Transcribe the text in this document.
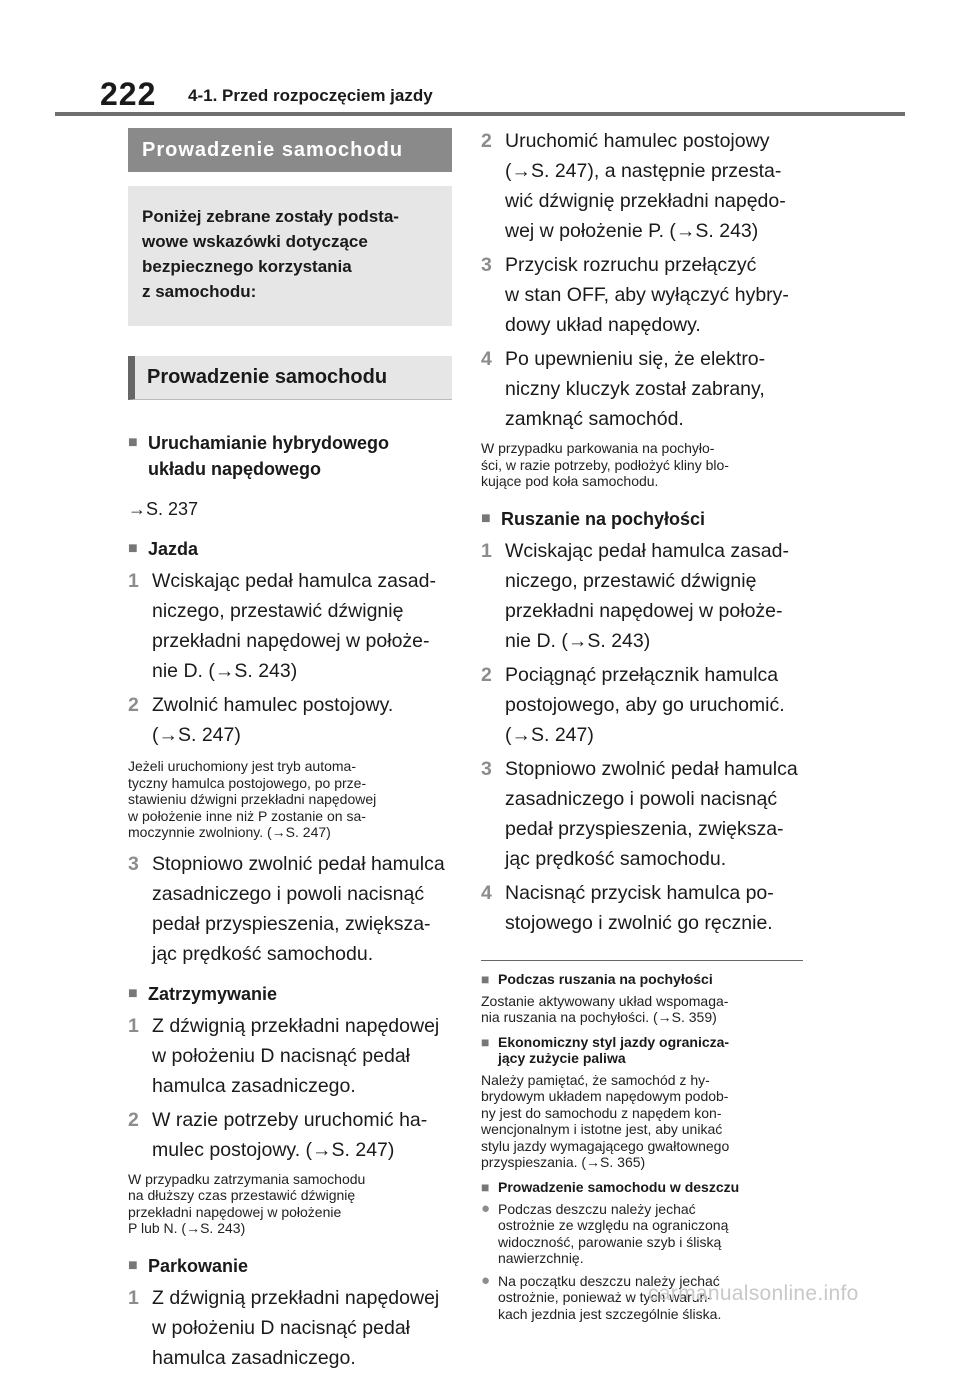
222 4-1. Przed rozpoczęciem jazdy
Prowadzenie samochodu
Poniżej zebrane zostały podsta-
wowe wskazówki dotyczące
bezpiecznego korzystania
z samochodu:
Prowadzenie samochodu
■ Uruchamianie hybrydowego
układu napędowego
→S. 237
■ Jazda
1 Wciskając pedał hamulca zasad-
niczego, przestawić dźwignię
przekładni napędowej w położe-
nie D. (→S. 243)
2 Zwolnić hamulec postojowy.
(→S. 247)
Jeżeli uruchomiony jest tryb automa-
tyczny hamulca postojowego, po prze-
stawieniu dźwigni przekładni napędowej
w położenie inne niż P zostanie on sa-
moczynnie zwolniony. (→S. 247)
3 Stopniowo zwolnić pedał hamulca
zasadniczego i powoli nacisnąć
pedał przyspieszenia, zwiększa-
jąc prędkość samochodu.
■ Zatrzymywanie
1 Z dźwignią przekładni napędowej
w położeniu D nacisnąć pedał
hamulca zasadniczego.
2 W razie potrzeby uruchomić ha-
mulec postojowy. (→S. 247)
W przypadku zatrzymania samochodu
na dłuższy czas przestawić dźwignię
przekładni napędowej w położenie
P lub N. (→S. 243)
■ Parkowanie
1 Z dźwignią przekładni napędowej
w położeniu D nacisnąć pedał
hamulca zasadniczego.
2 Uruchomić hamulec postojowy
(→S. 247), a następnie przesta-
wić dźwignię przekładni napędo-
wej w położenie P. (→S. 243)
3 Przycisk rozruchu przełączyć
w stan OFF, aby wyłączyć hybry-
dowy układ napędowy.
4 Po upewnieniu się, że elektro-
niczny kluczyk został zabrany,
zamknąć samochód.
W przypadku parkowania na pochyło-
ści, w razie potrzeby, podłożyć kliny blo-
kujące pod koła samochodu.
■ Ruszanie na pochyłości
1 Wciskając pedał hamulca zasad-
niczego, przestawić dźwignię
przekładni napędowej w położe-
nie D. (→S. 243)
2 Pociągnąć przełącznik hamulca
postojowego, aby go uruchomić.
(→S. 247)
3 Stopniowo zwolnić pedał hamulca
zasadniczego i powoli nacisnąć
pedał przyspieszenia, zwiększa-
jąc prędkość samochodu.
4 Nacisnąć przycisk hamulca po-
stojowego i zwolnić go ręcznie.
■ Podczas ruszania na pochyłości
Zostanie aktywowany układ wspomaga-
nia ruszania na pochyłości. (→S. 359)
■ Ekonomiczny styl jazdy ogranicza-
jący zużycie paliwa
Należy pamiętać, że samochód z hy-
brydowym układem napędowym podob-
ny jest do samochodu z napędem kon-
wencjonalnym i istotne jest, aby unikać
stylu jazdy wymagającego gwałtownego
przyspieszania. (→S. 365)
■ Prowadzenie samochodu w deszczu
● Podczas deszczu należy jechać
ostrożnie ze względu na ograniczoną
widoczność, parowanie szyb i śliską
nawierzchnię.
● Na początku deszczu należy jechać
ostrożnie, ponieważ w tych warun-
kach jezdnia jest szczególnie śliska.
carmanualsonline.info
